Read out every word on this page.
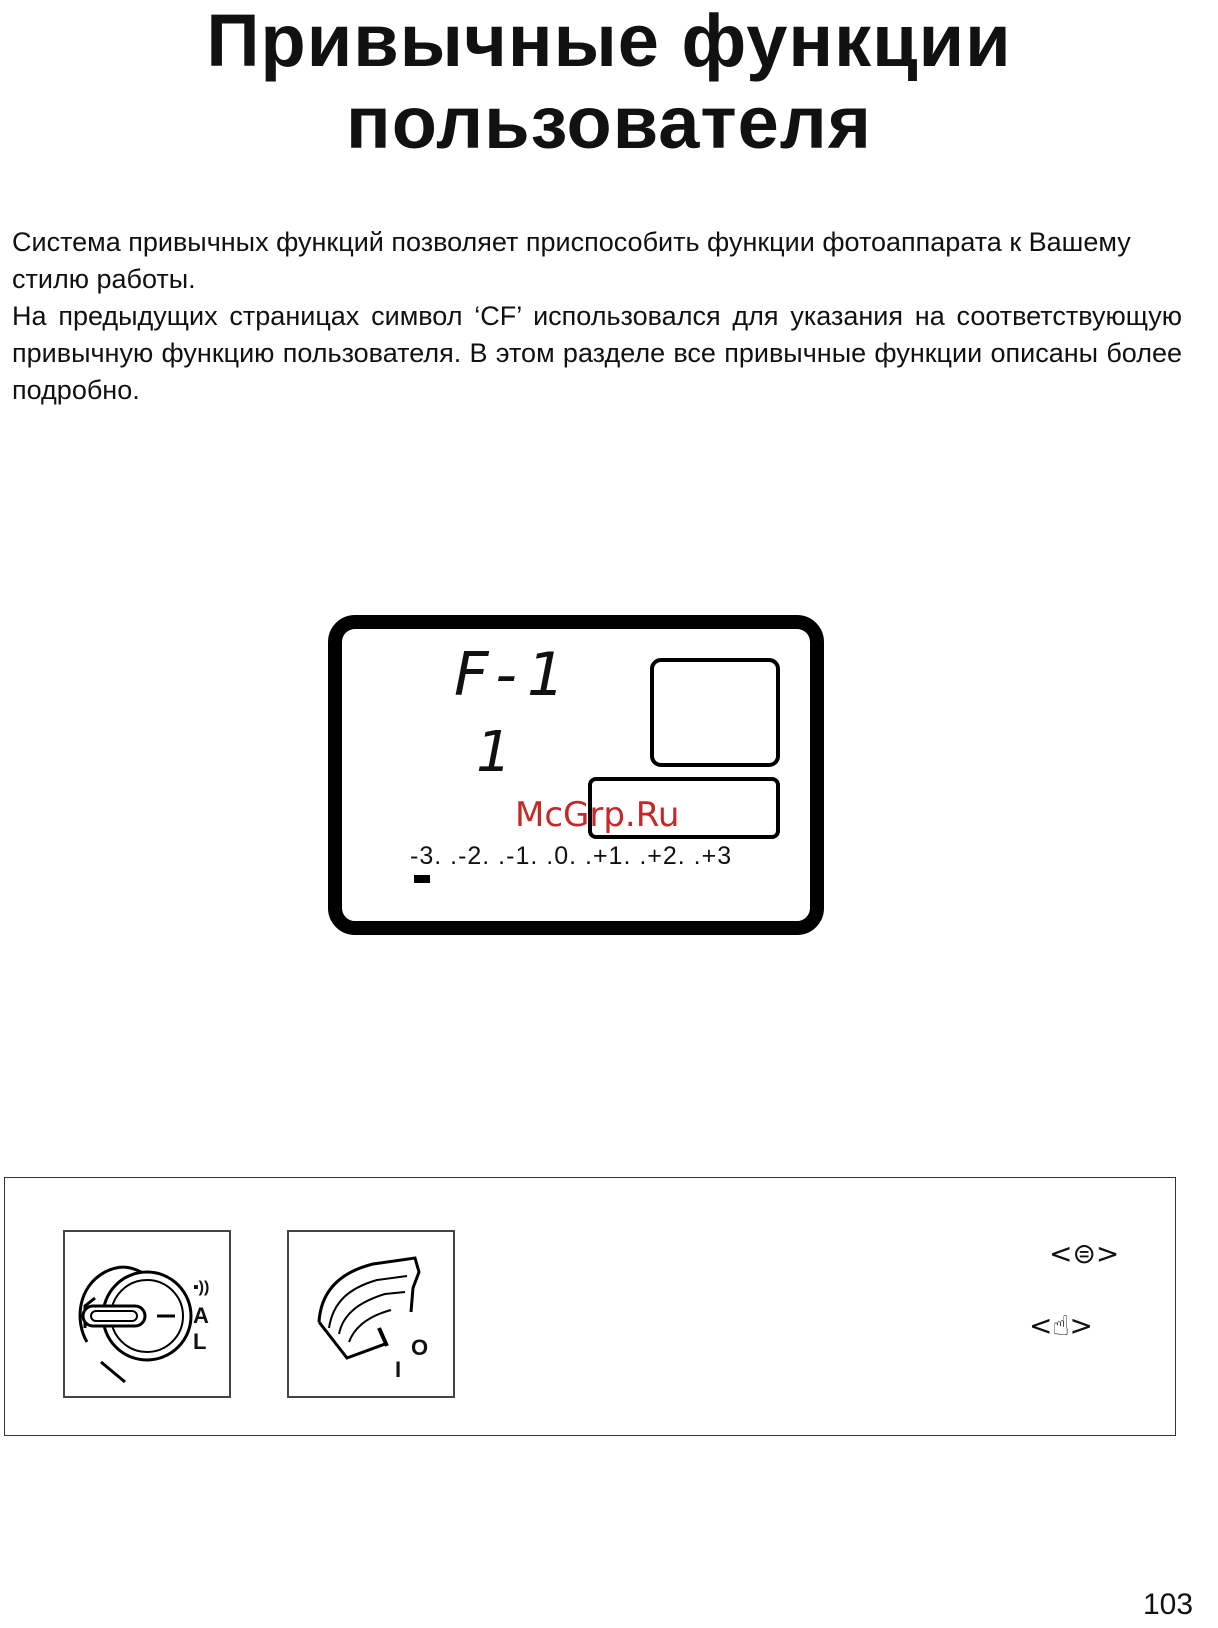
Привычные функции
пользователя

Система привычных функций позволяет приспособить функции фотоаппарата к Вашему стилю работы.

На предыдущих страницах символ ‘CF’ использовался для указания на соответствующую привычную функцию пользователя. В этом разделе все привычные функции описаны более подробно.

F-1
1
-3. .-2. .-1. .0. .+1. .+2. .+3
McGrp.Ru
▪))
A
L
I
O
<⊜>
<☝>
103
